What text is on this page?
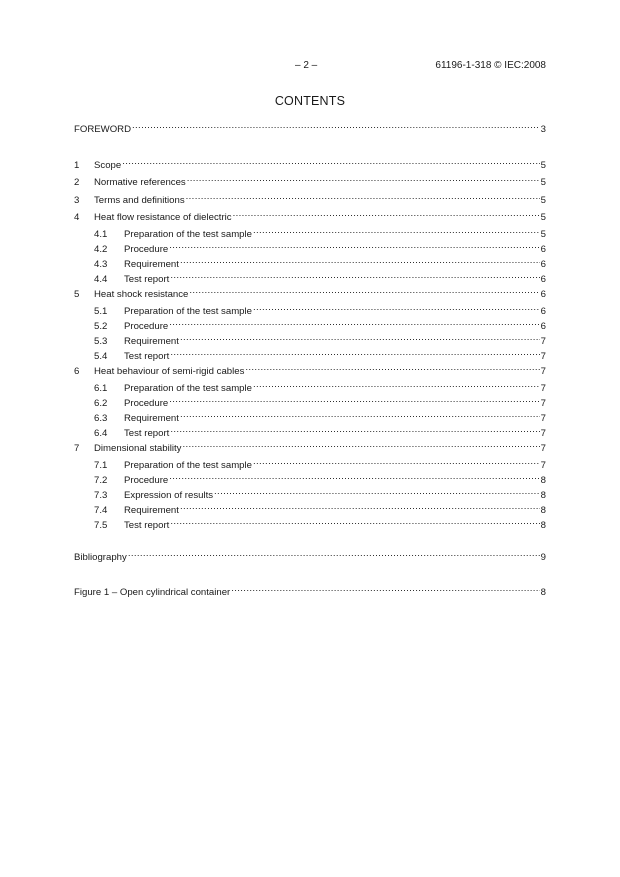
– 2 –	61196-1-318 © IEC:2008
CONTENTS
FOREWORD .....	3
1	Scope .....	5
2	Normative references .....	5
3	Terms and definitions .....	5
4	Heat flow resistance of dielectric .....	5
4.1	Preparation of the test sample .....	5
4.2	Procedure .....	6
4.3	Requirement .....	6
4.4	Test report .....	6
5	Heat shock resistance .....	6
5.1	Preparation of the test sample .....	6
5.2	Procedure .....	6
5.3	Requirement .....	7
5.4	Test report .....	7
6	Heat behaviour of semi-rigid cables .....	7
6.1	Preparation of the test sample .....	7
6.2	Procedure .....	7
6.3	Requirement .....	7
6.4	Test report .....	7
7	Dimensional stability .....	7
7.1	Preparation of the test sample .....	7
7.2	Procedure .....	8
7.3	Expression of results .....	8
7.4	Requirement .....	8
7.5	Test report .....	8
Bibliography .....	9
Figure 1 – Open cylindrical container .....	8
